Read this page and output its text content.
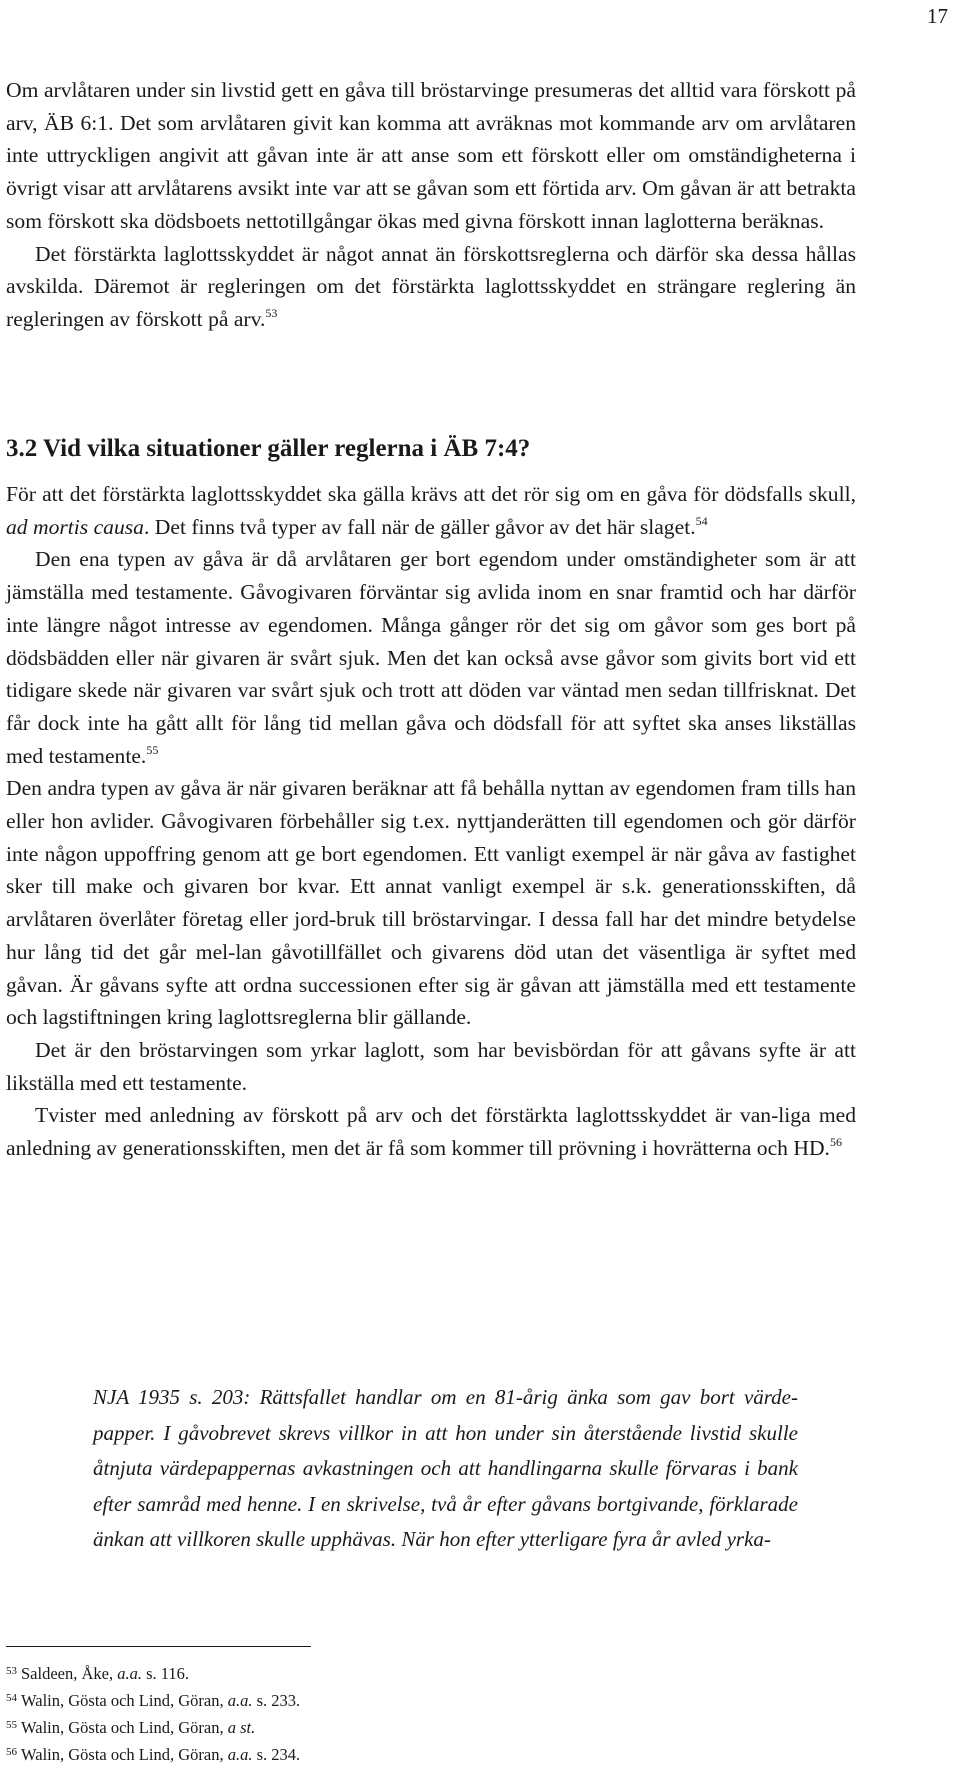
17

Om arvlåtaren under sin livstid gett en gåva till bröstarvinge presumeras det alltid vara förskott på arv, ÄB 6:1. Det som arvlåtaren givit kan komma att avräknas mot kommande arv om arvlåtaren inte uttryckligen angivit att gåvan inte är att anse som ett förskott eller om omständigheterna i övrigt visar att arvlåtarens avsikt inte var att se gåvan som ett förtida arv. Om gåvan är att betrakta som förskott ska dödsboets nettotillgångar ökas med givna förskott innan laglotterna beräknas.

Det förstärkta laglottsskyddet är något annat än förskottsreglerna och därför ska dessa hållas avskilda. Däremot är regleringen om det förstärkta laglottsskyddet en strängare reglering än regleringen av förskott på arv.$^{53}$

3.2 Vid vilka situationer gäller reglerna i ÄB 7:4?

För att det förstärkta laglottsskyddet ska gälla krävs att det rör sig om en gåva för dödsfalls skull, ad mortis causa. Det finns två typer av fall när de gäller gåvor av det här slaget.$^{54}$

Den ena typen av gåva är då arvlåtaren ger bort egendom under omständigheter som är att jämställa med testamente. Gåvogivaren förväntar sig avlida inom en snar framtid och har därför inte längre något intresse av egendomen. Många gånger rör det sig om gåvor som ges bort på dödsbädden eller när givaren är svårt sjuk. Men det kan också avse gåvor som givits bort vid ett tidigare skede när givaren var svårt sjuk och trott att döden var väntad men sedan tillfrisknat. Det får dock inte ha gått allt för lång tid mellan gåva och dödsfall för att syftet ska anses likställas med testamente.$^{55}$

Den andra typen av gåva är när givaren beräknar att få behålla nyttan av egendomen fram tills han eller hon avlider. Gåvogivaren förbehåller sig t.ex. nyttjanderätten till egendomen och gör därför inte någon uppoffring genom att ge bort egendomen. Ett vanligt exempel är när gåva av fastighet sker till make och givaren bor kvar. Ett annat vanligt exempel är s.k. generationsskiften, då arvlåtaren överlåter företag eller jord-bruk till bröstarvingar. I dessa fall har det mindre betydelse hur lång tid det går mel-lan gåvotillfället och givarens död utan det väsentliga är syftet med gåvan. Är gåvans syfte att ordna successionen efter sig är gåvan att jämställa med ett testamente och lagstiftningen kring laglottsreglerna blir gällande.

Det är den bröstarvingen som yrkar laglott, som har bevisbördan för att gåvans syfte är att likställa med ett testamente.

Tvister med anledning av förskott på arv och det förstärkta laglottsskyddet är van-liga med anledning av generationsskiften, men det är få som kommer till prövning i hovrätterna och HD.$^{56}$

NJA 1935 s. 203: Rättsfallet handlar om en 81-årig änka som gav bort värde-papper. I gåvobrevet skrevs villkor in att hon under sin återstående livstid skulle åtnjuta värdepappernas avkastningen och att handlingarna skulle förvaras i bank efter samråd med henne. I en skrivelse, två år efter gåvans bortgivande, förklarade änkan att villkoren skulle upphävas. När hon efter ytterligare fyra år avled yrka-

$^{53}$ Saldeen, Åke, a.a. s. 116.

$^{54}$ Walin, Gösta och Lind, Göran, a.a. s. 233.

$^{55}$ Walin, Gösta och Lind, Göran, a st.

$^{56}$ Walin, Gösta och Lind, Göran, a.a. s. 234.
